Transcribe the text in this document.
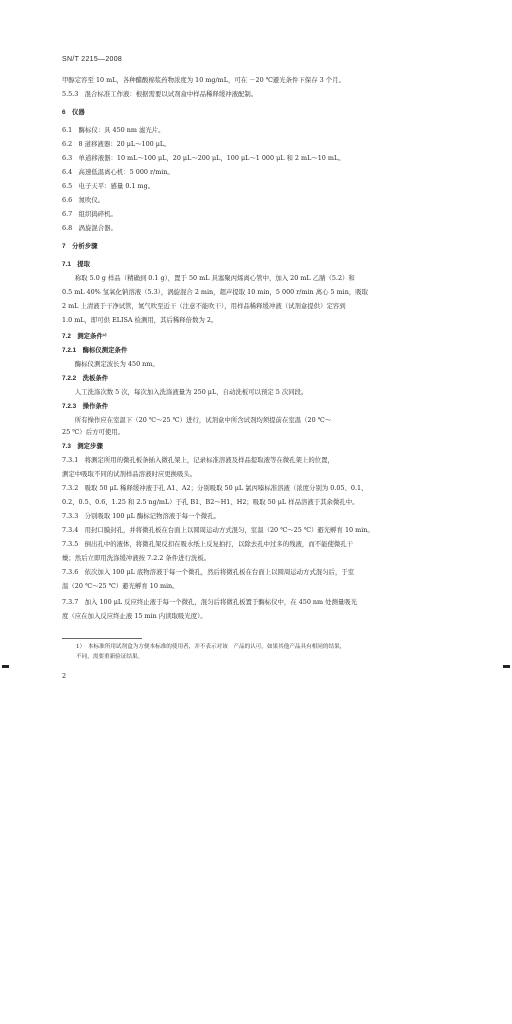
SN/T 2215—2008
甲醇定容至 10 mL，各种醋酸棉浆药物浓度为 10 mg/mL，可在 －20 ℃避光条件下保存 3 个月。
5.5.3　混合标准工作液：根据需要以试剂盒中样品稀释缓冲液配制。
6　仪器
6.1　酶标仪：具 450 nm 滤光片。
6.2　8 道移液器：20 μL～100 μL。
6.3　单道移液器：10 mL～100 μL，20 μL～200 μL，100 μL～1 000 μL 和 2 mL～10 mL。
6.4　高速低温离心机：5 000 r/min。
6.5　电子天平：感量 0.1 mg。
6.6　氮吹仪。
6.7　组织捣碎机。
6.8　涡旋混合器。
7　分析步骤
7.1　提取
　　称取 5.0 g 样品（精确到 0.1 g），置于 50 mL 具塞聚丙烯离心管中，加入 20 mL 乙腈（5.2）和
0.5 mL 40% 氢氧化钠溶液（5.3），涡旋混合 2 min，超声提取 10 min，5 000 r/min 离心 5 min，吸取
2 mL 上清液于干净试管，氮气吹至近干（注意不能吹干），用样品稀释缓冲液（试剂盒提供）定容到
1.0 mL，即可供 ELISA 检测用，其后稀释倍数为 2。
7.2　测定条件¹⁾
7.2.1　酶标仪测定条件
　　酶标仪测定波长为 450 nm。
7.2.2　洗板条件
　　人工洗涤次数 5 次，每次加入洗涤液量为 250 μL，自动洗板可以预定 5 次同段。
7.2.3　操作条件
　　所有操作应在室温下（20 ℃～25 ℃）进行，试剂盒中所含试剂均须提前在室温（20 ℃～
25 ℃）后方可使用。
7.3　测定步骤
7.3.1　将测定所用的微孔板条插入微孔架上，记录标准溶液及样品提取液等在微孔架上的位置，
测定中吸取不同的试剂样品溶液时应更换吸头。
7.3.2　吸取 50 μL 稀释缓冲液于孔 A1、A2；分别吸取 50 μL 氯丙嗪标准溶液（浓度分别为 0.05、0.1、
0.2、0.5、0.6、1.25 和 2.5 ng/mL）于孔 B1、B2～H1、H2；吸取 50 μL 样品溶液于其余微孔中。
7.3.3　分别吸取 100 μL 酶标记物溶液于每一个微孔。
7.3.4　用封口膜封孔，并将微孔板在台面上以圆周运动方式混匀，室温（20 ℃～25 ℃）避光孵育 10 min。
7.3.5　倒出孔中的液体，将微孔架反扣在吸水纸上反复拍打，以除去孔中过多的残液，而不能使微孔干
燥；然后立即用洗涤缓冲液按 7.2.2 条件进行洗板。
7.3.6　依次加入 100 μL 底物溶液于每一个微孔，然后将微孔板在台面上以圆周运动方式混匀后，于室
温（20 ℃～25 ℃）避光孵育 10 min。
7.3.7　加入 100 μL 反应终止液于每一个微孔，混匀后将微孔板置于酶标仪中，在 450 nm 处测量吸光
度（应在加入反应终止液 15 min 内读取吸光度）。
1）　本标准所用试剂盒为方便本标准的使用者，并不表示对该　产品的认可。如果其他产品具有相同的结果，
不同，需要重新验证结果。
2
